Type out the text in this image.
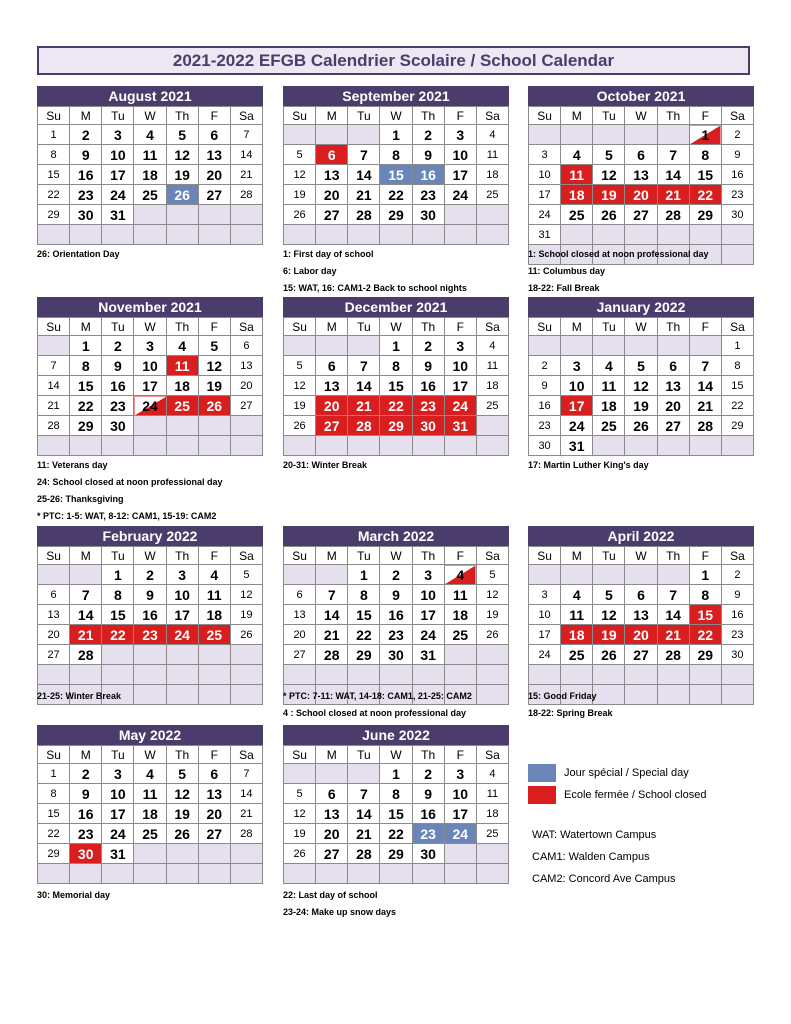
2021-2022 EFGB Calendrier Scolaire / School Calendar
August 2021
Su	M	Tu	W	Th	F	Sa
1	2	3	4	5	6	7
8	9	10	11	12	13	14
15	16	17	18	19	20	21
22	23	24	25	26	27	28
29	30	31				

September 2021
Su	M	Tu	W	Th	F	Sa
			1	2	3	4
5	6	7	8	9	10	11
12	13	14	15	16	17	18
19	20	21	22	23	24	25
26	27	28	29	30		

October 2021
Su	M	Tu	W	Th	F	Sa
					1	2
3	4	5	6	7	8	9
10	11	12	13	14	15	16
17	18	19	20	21	22	23
24	25	26	27	28	29	30
31						

November 2021
Su	M	Tu	W	Th	F	Sa
	1	2	3	4	5	6
7	8	9	10	11	12	13
14	15	16	17	18	19	20
21	22	23	24	25	26	27
28	29	30				

December 2021
Su	M	Tu	W	Th	F	Sa
			1	2	3	4
5	6	7	8	9	10	11
12	13	14	15	16	17	18
19	20	21	22	23	24	25
26	27	28	29	30	31	

January 2022
Su	M	Tu	W	Th	F	Sa
						1
2	3	4	5	6	7	8
9	10	11	12	13	14	15
16	17	18	19	20	21	22
23	24	25	26	27	28	29
30	31					
February 2022
Su	M	Tu	W	Th	F	Sa
		1	2	3	4	5
6	7	8	9	10	11	12
13	14	15	16	17	18	19
20	21	22	23	24	25	26
27	28					

March 2022
Su	M	Tu	W	Th	F	Sa
		1	2	3	4	5
6	7	8	9	10	11	12
13	14	15	16	17	18	19
20	21	22	23	24	25	26
27	28	29	30	31		

April 2022
Su	M	Tu	W	Th	F	Sa
					1	2
3	4	5	6	7	8	9
10	11	12	13	14	15	16
17	18	19	20	21	22	23
24	25	26	27	28	29	30

May 2022
Su	M	Tu	W	Th	F	Sa
1	2	3	4	5	6	7
8	9	10	11	12	13	14
15	16	17	18	19	20	21
22	23	24	25	26	27	28
29	30	31				

June 2022
Su	M	Tu	W	Th	F	Sa
			1	2	3	4
5	6	7	8	9	10	11
12	13	14	15	16	17	18
19	20	21	22	23	24	25
26	27	28	29	30		

26: Orientation Day	1: First day of school
6: Labor day
15: WAT, 16: CAM1-2 Back to school nights
1: School closed at noon professional day
11: Columbus day
18-22: Fall Break
11: Veterans day
24: School closed at noon professional day
25-26: Thanksgiving
* PTC: 1-5: WAT, 8-12: CAM1, 15-19: CAM2
20-31: Winter Break	17: Martin Luther King's day
21-25: Winter Break	* PTC: 7-11: WAT, 14-18: CAM1, 21-25: CAM2
4 : School closed at noon professional day
15: Good Friday
18-22: Spring Break
30: Memorial day	22: Last day of school
23-24: Make up snow days
Jour spécial / Special day
Ecole fermée / School closed
WAT: Watertown Campus
CAM1: Walden Campus
CAM2: Concord Ave Campus
